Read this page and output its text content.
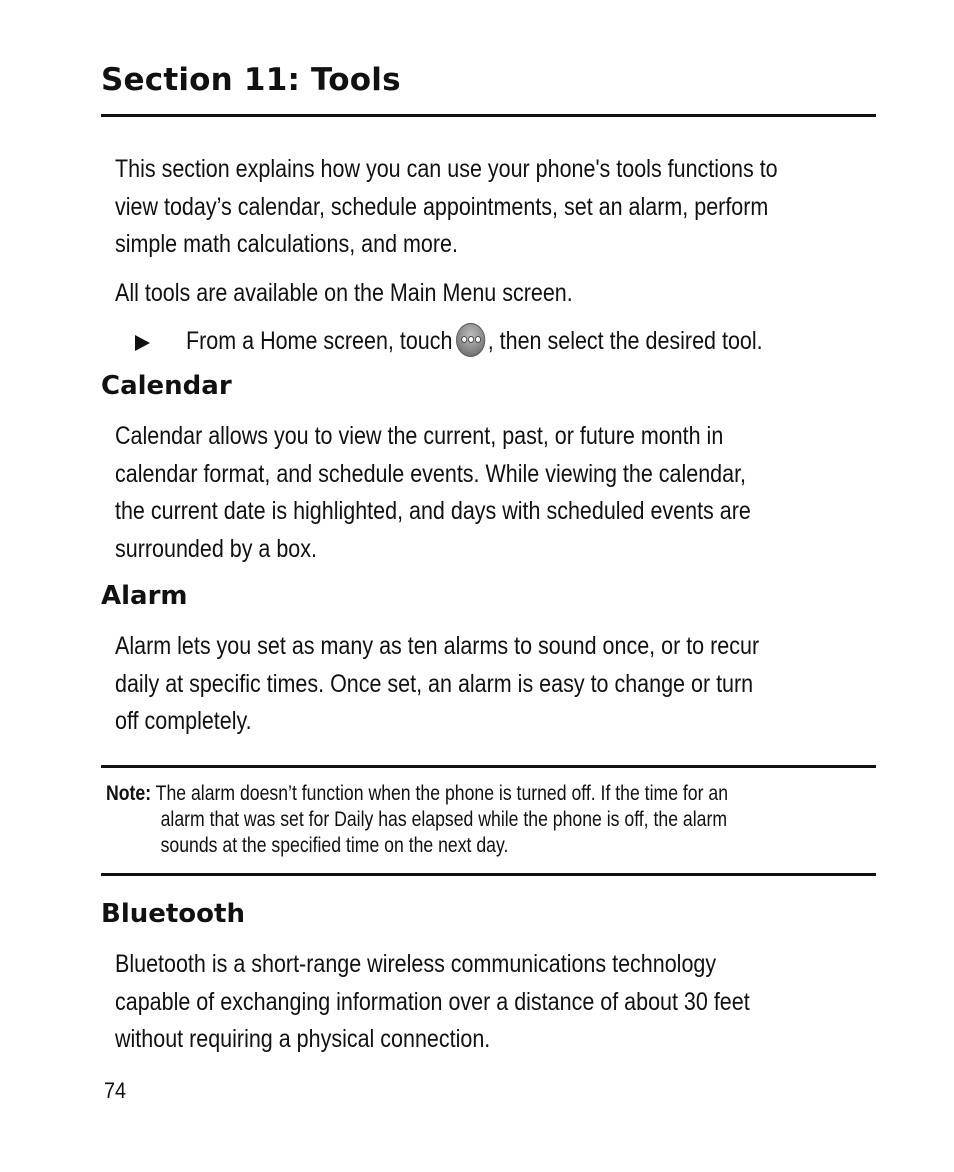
Section 11: Tools

This section explains how you can use your phone's tools functions to
view today’s calendar, schedule appointments, set an alarm, perform
simple math calculations, and more.

All tools are available on the Main Menu screen.

From a Home screen, touch , then select the desired tool.
Calendar

Calendar allows you to view the current, past, or future month in
calendar format, and schedule events. While viewing the calendar,
the current date is highlighted, and days with scheduled events are
surrounded by a box.

Alarm

Alarm lets you set as many as ten alarms to sound once, or to recur
daily at specific times. Once set, an alarm is easy to change or turn
off completely.

Note: The alarm doesn’t function when the phone is turned off. If the time for an
alarm that was set for Daily has elapsed while the phone is off, the alarm
sounds at the specified time on the next day.
Bluetooth

Bluetooth is a short-range wireless communications technology
capable of exchanging information over a distance of about 30 feet
without requiring a physical connection.

74
